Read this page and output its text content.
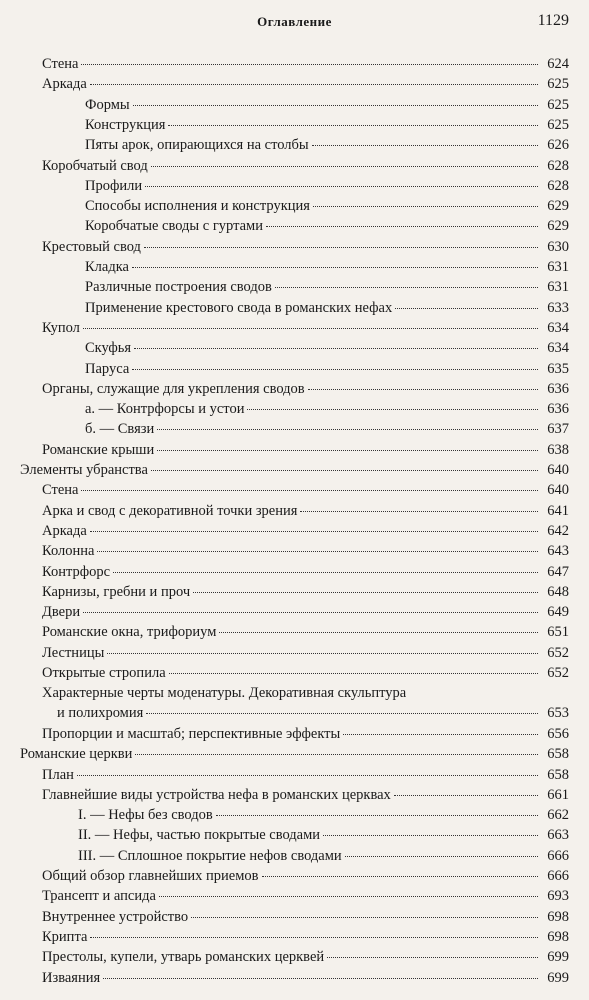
Оглавление	1129
Стена	624
Аркада	625
Формы	625
Конструкция	625
Пяты арок, опирающихся на столбы	626
Коробчатый свод	628
Профили	628
Способы исполнения и конструкция	629
Коробчатые своды с гуртами	629
Крестовый свод	630
Кладка	631
Различные построения сводов	631
Применение крестового свода в романских нефах	633
Купол	634
Скуфья	634
Паруса	635
Органы, служащие для укрепления сводов	636
а. — Контрфорсы и устои	636
б. — Связи	637
Романские крыши	638
Элементы убранства	640
Стена	640
Арка и свод с декоративной точки зрения	641
Аркада	642
Колонна	643
Контрфорс	647
Карнизы, гребни и проч	648
Двери	649
Романские окна, трифориум	651
Лестницы	652
Открытые стропила	652
Характерные черты моденатуры. Декоративная скульптура
и полихромия	653
Пропорции и масштаб; перспективные эффекты	656
Романские церкви	658
План	658
Главнейшие виды устройства нефа в романских церквах	661
I. — Нефы без сводов	662
II. — Нефы, частью покрытые сводами	663
III. — Сплошное покрытие нефов сводами	666
Общий обзор главнейших приемов	666
Трансепт и апсида	693
Внутреннее устройство	698
Крипта	698
Престолы, купели, утварь романских церквей	699
Изваяния	699
